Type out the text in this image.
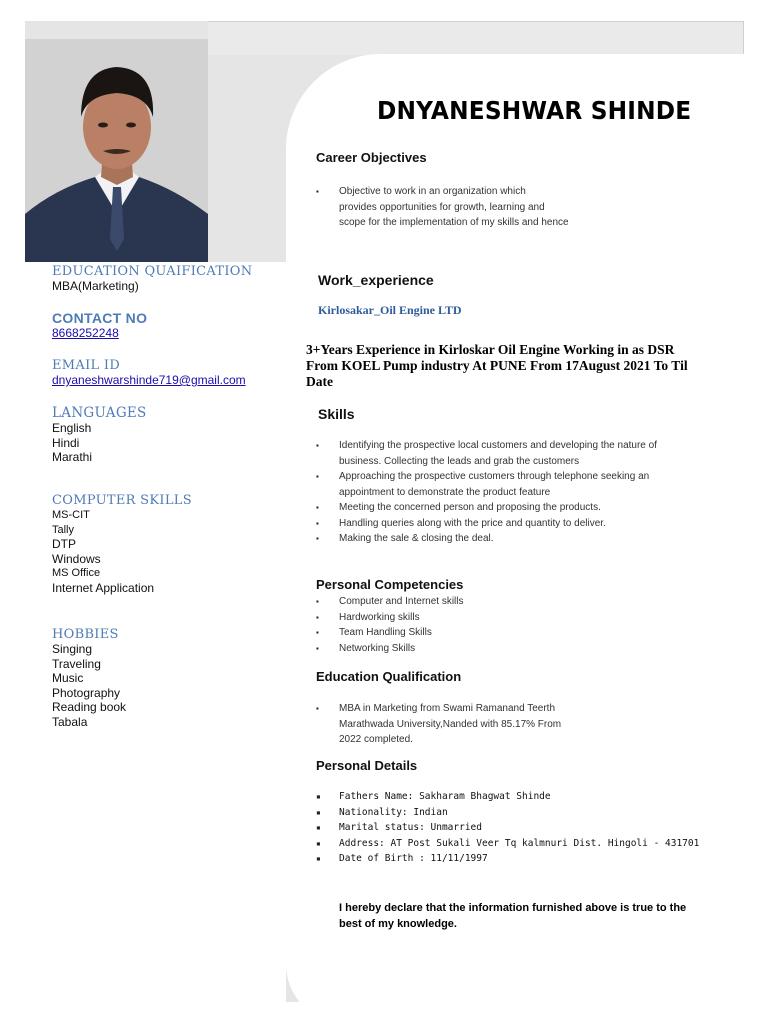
EDUCATION QUAIFICATION

MBA(Marketing)

CONTACT NO

8668252248

EMAIL ID

dnyaneshwarshinde719@gmail.com

LANGUAGES

English
Hindi
Marathi

COMPUTER SKILLS

MS-CIT
Tally
DTP
Windows
MS Office
Internet Application

HOBBIES

Singing
Traveling
Music
Photography
Reading book
Tabala
DNYANESHWAR SHINDE

Career Objectives

▪ Objective to work in an organization which
provides opportunities for growth, learning and
scope for the implementation of my skills and hence

Work_experience

Kirlosakar_Oil Engine LTD
3+Years Experience in Kirloskar Oil Engine Working in as DSR
From KOEL Pump industry At PUNE From 17August 2021 To Til
Date

Skills

▪ Identifying the prospective local customers and developing the nature of
business. Collecting the leads and grab the customers
▪ Approaching the prospective customers through telephone seeking an
appointment to demonstrate the product feature
▪ Meeting the concerned person and proposing the products.
▪ Handling queries along with the price and quantity to deliver.
▪ Making the sale & closing the deal.

Personal Competencies

▪ Computer and Internet skills
▪ Hardworking skills
▪ Team Handling Skills
▪ Networking Skills

Education Qualification

▪ MBA in Marketing from Swami Ramanand Teerth
Marathwada University,Nanded with 85.17% From
2022 completed.

Personal Details

▪ Fathers Name: Sakharam Bhagwat Shinde
▪ Nationality: Indian
▪ Marital status: Unmarried
▪ Address: AT Post Sukali Veer Tq kalmnuri Dist. Hingoli - 431701
▪ Date of Birth : 11/11/1997
I hereby declare that the information furnished above is true to the
best of my knowledge.
